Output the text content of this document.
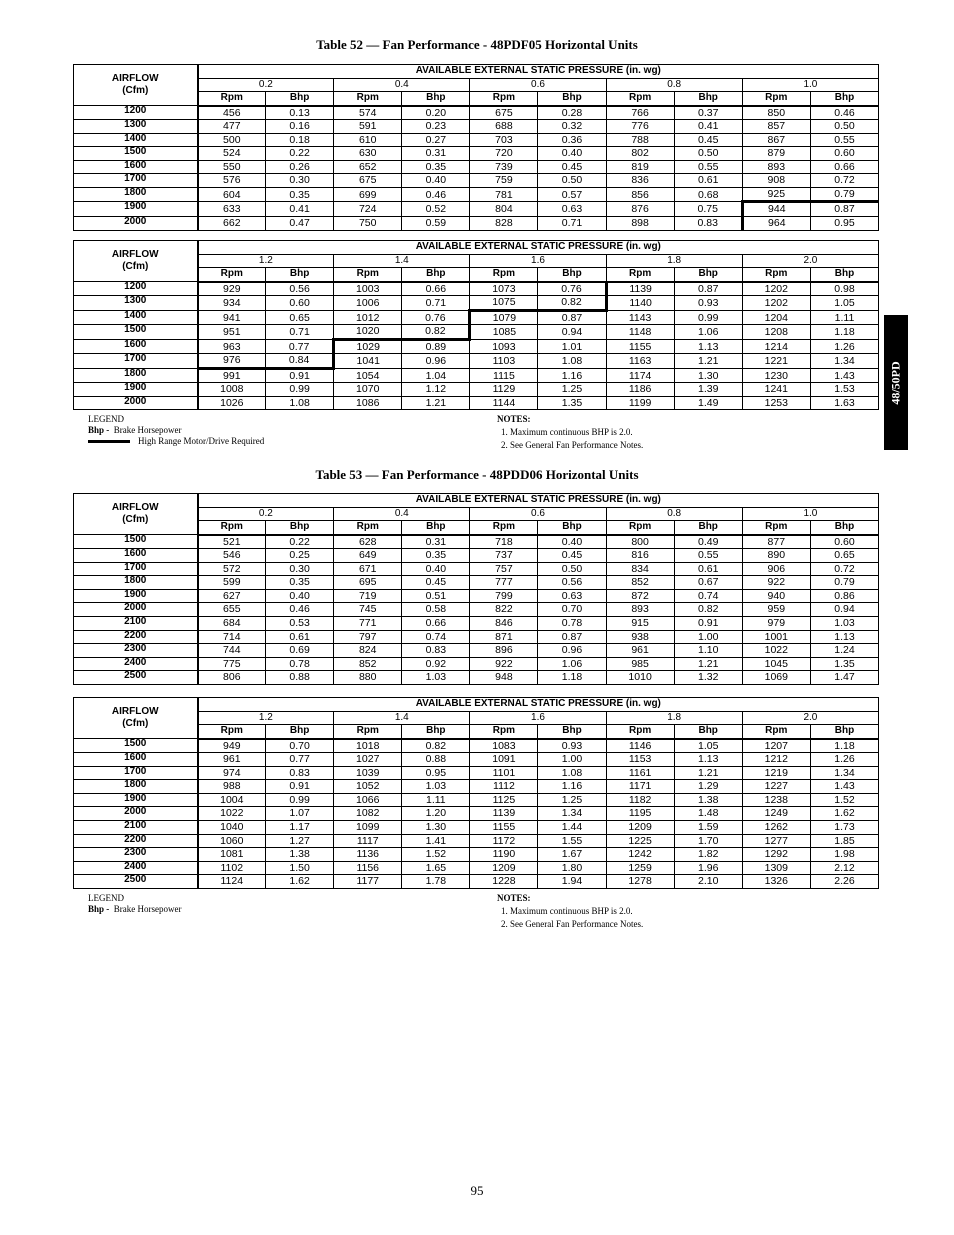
Table 52 — Fan Performance - 48PDF05 Horizontal Units
AIRFLOW
(Cfm)	AVAILABLE EXTERNAL STATIC PRESSURE (in. wg)									
	0.2		0.4		0.6		0.8		1.0	
	Rpm	Bhp	Rpm	Bhp	Rpm	Bhp	Rpm	Bhp	Rpm	Bhp
1200	456	0.13	574	0.20	675	0.28	766	0.37	850	0.46
1300	477	0.16	591	0.23	688	0.32	776	0.41	857	0.50
1400	500	0.18	610	0.27	703	0.36	788	0.45	867	0.55
1500	524	0.22	630	0.31	720	0.40	802	0.50	879	0.60
1600	550	0.26	652	0.35	739	0.45	819	0.55	893	0.66
1700	576	0.30	675	0.40	759	0.50	836	0.61	908	0.72
1800	604	0.35	699	0.46	781	0.57	856	0.68	925	0.79
1900	633	0.41	724	0.52	804	0.63	876	0.75	944	0.87
2000	662	0.47	750	0.59	828	0.71	898	0.83	964	0.95
AIRFLOW
(Cfm)	AVAILABLE EXTERNAL STATIC PRESSURE (in. wg)									
	1.2		1.4		1.6		1.8		2.0	
	Rpm	Bhp	Rpm	Bhp	Rpm	Bhp	Rpm	Bhp	Rpm	Bhp
1200	929	0.56	1003	0.66	1073	0.76	1139	0.87	1202	0.98
1300	934	0.60	1006	0.71	1075	0.82	1140	0.93	1202	1.05
1400	941	0.65	1012	0.76	1079	0.87	1143	0.99	1204	1.11
1500	951	0.71	1020	0.82	1085	0.94	1148	1.06	1208	1.18
1600	963	0.77	1029	0.89	1093	1.01	1155	1.13	1214	1.26
1700	976	0.84	1041	0.96	1103	1.08	1163	1.21	1221	1.34
1800	991	0.91	1054	1.04	1115	1.16	1174	1.30	1230	1.43
1900	1008	0.99	1070	1.12	1129	1.25	1186	1.39	1241	1.53
2000	1026	1.08	1086	1.21	1144	1.35	1199	1.49	1253	1.63
LEGEND
Bhp - Brake Horsepower
High Range Motor/Drive Required
NOTES:
1. Maximum continuous BHP is 2.0.
2. See General Fan Performance Notes.
Table 53 — Fan Performance - 48PDD06 Horizontal Units
AIRFLOW
(Cfm)	AVAILABLE EXTERNAL STATIC PRESSURE (in. wg)									
	0.2		0.4		0.6		0.8		1.0	
	Rpm	Bhp	Rpm	Bhp	Rpm	Bhp	Rpm	Bhp	Rpm	Bhp
1500	521	0.22	628	0.31	718	0.40	800	0.49	877	0.60
1600	546	0.25	649	0.35	737	0.45	816	0.55	890	0.65
1700	572	0.30	671	0.40	757	0.50	834	0.61	906	0.72
1800	599	0.35	695	0.45	777	0.56	852	0.67	922	0.79
1900	627	0.40	719	0.51	799	0.63	872	0.74	940	0.86
2000	655	0.46	745	0.58	822	0.70	893	0.82	959	0.94
2100	684	0.53	771	0.66	846	0.78	915	0.91	979	1.03
2200	714	0.61	797	0.74	871	0.87	938	1.00	1001	1.13
2300	744	0.69	824	0.83	896	0.96	961	1.10	1022	1.24
2400	775	0.78	852	0.92	922	1.06	985	1.21	1045	1.35
2500	806	0.88	880	1.03	948	1.18	1010	1.32	1069	1.47
AIRFLOW
(Cfm)	AVAILABLE EXTERNAL STATIC PRESSURE (in. wg)									
	1.2		1.4		1.6		1.8		2.0	
	Rpm	Bhp	Rpm	Bhp	Rpm	Bhp	Rpm	Bhp	Rpm	Bhp
1500	949	0.70	1018	0.82	1083	0.93	1146	1.05	1207	1.18
1600	961	0.77	1027	0.88	1091	1.00	1153	1.13	1212	1.26
1700	974	0.83	1039	0.95	1101	1.08	1161	1.21	1219	1.34
1800	988	0.91	1052	1.03	1112	1.16	1171	1.29	1227	1.43
1900	1004	0.99	1066	1.11	1125	1.25	1182	1.38	1238	1.52
2000	1022	1.07	1082	1.20	1139	1.34	1195	1.48	1249	1.62
2100	1040	1.17	1099	1.30	1155	1.44	1209	1.59	1262	1.73
2200	1060	1.27	1117	1.41	1172	1.55	1225	1.70	1277	1.85
2300	1081	1.38	1136	1.52	1190	1.67	1242	1.82	1292	1.98
2400	1102	1.50	1156	1.65	1209	1.80	1259	1.96	1309	2.12
2500	1124	1.62	1177	1.78	1228	1.94	1278	2.10	1326	2.26
LEGEND
Bhp - Brake Horsepower
NOTES:
1. Maximum continuous BHP is 2.0.
2. See General Fan Performance Notes.
48/50PD
95
